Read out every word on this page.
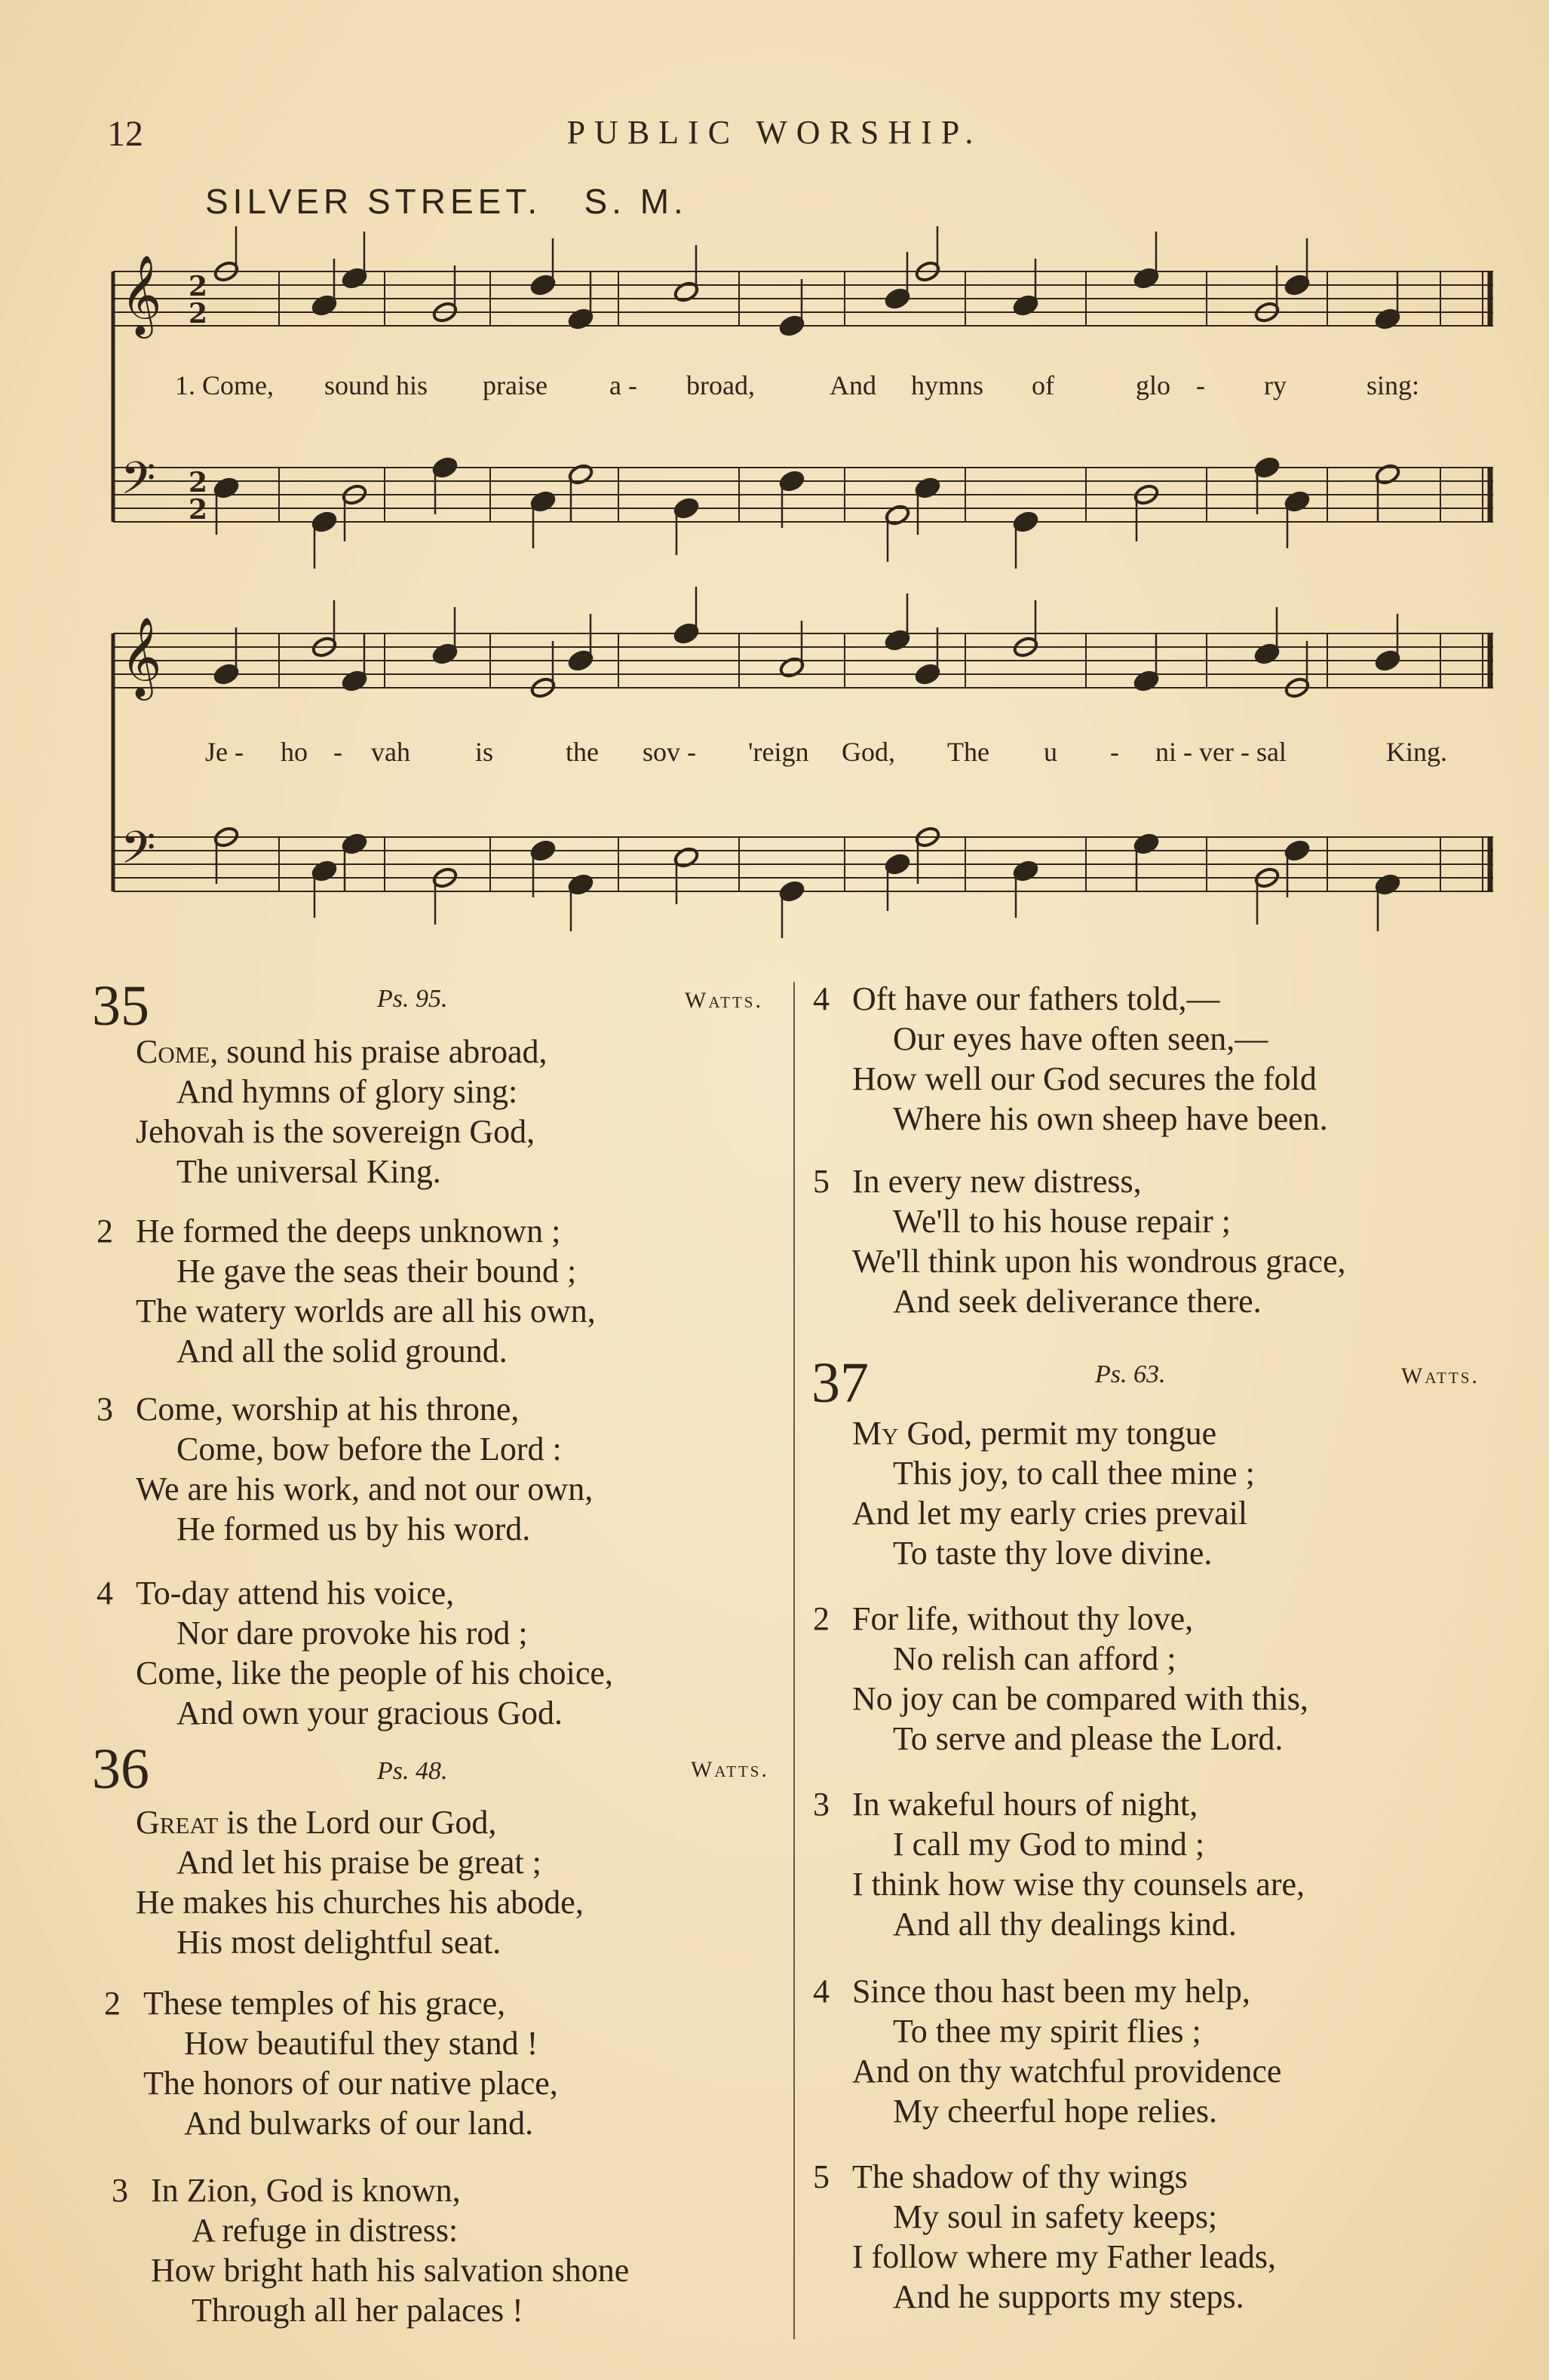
12	PUBLIC WORSHIP.
SILVER STREET. S. M.
𝄞 2
2
𝄢 2
2
𝄞
𝄢
1. Come, sound his praise a - broad,	And hymns of	glo - ry	sing:
Je - ho - vah is	the sov - 'reign God, The u - ni - ver - sal	King.
35	Ps. 95.	Watts.
Come, sound his praise abroad,
And hymns of glory sing:
Jehovah is the sovereign God,
The universal King.
2 He formed the deeps unknown ;
He gave the seas their bound ;
The watery worlds are all his own,
And all the solid ground.
3 Come, worship at his throne,
Come, bow before the Lord :
We are his work, and not our own,
He formed us by his word.
4 To-day attend his voice,
Nor dare provoke his rod ;
Come, like the people of his choice,
And own your gracious God.
36	Ps. 48.	Watts.
Great is the Lord our God,
And let his praise be great ;
He makes his churches his abode,
His most delightful seat.
2 These temples of his grace,
How beautiful they stand !
The honors of our native place,
And bulwarks of our land.
3 In Zion, God is known,
A refuge in distress:
How bright hath his salvation shone
Through all her palaces !
4 Oft have our fathers told,—
Our eyes have often seen,—
How well our God secures the fold
Where his own sheep have been.
5 In every new distress,
We'll to his house repair ;
We'll think upon his wondrous grace,
And seek deliverance there.
37	Ps. 63.	Watts.
My God, permit my tongue
This joy, to call thee mine ;
And let my early cries prevail
To taste thy love divine.
2 For life, without thy love,
No relish can afford ;
No joy can be compared with this,
To serve and please the Lord.
3 In wakeful hours of night,
I call my God to mind ;
I think how wise thy counsels are,
And all thy dealings kind.
4 Since thou hast been my help,
To thee my spirit flies ;
And on thy watchful providence
My cheerful hope relies.
5 The shadow of thy wings
My soul in safety keeps;
I follow where my Father leads,
And he supports my steps.
